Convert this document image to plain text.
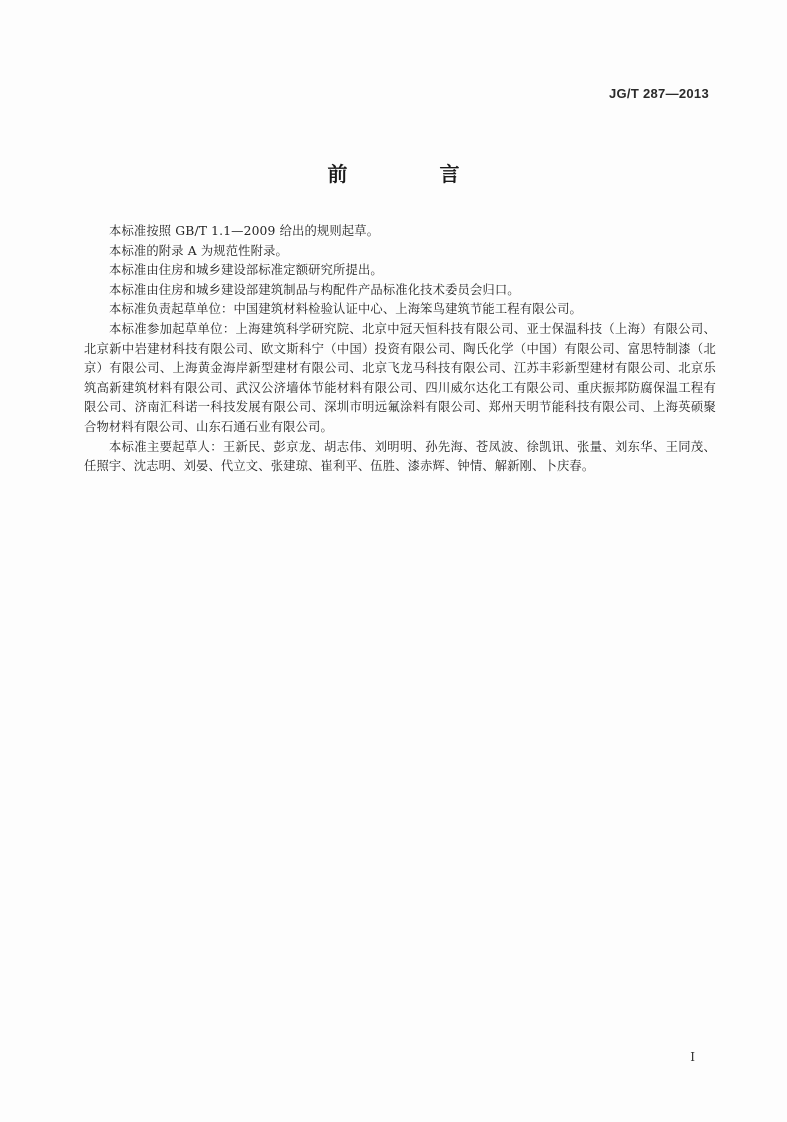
JG/T 287—2013
前　言

本标准按照 GB/T 1.1—2009 给出的规则起草。

本标准的附录 A 为规范性附录。

本标准由住房和城乡建设部标准定额研究所提出。

本标准由住房和城乡建设部建筑制品与构配件产品标准化技术委员会归口。

本标准负责起草单位：中国建筑材料检验认证中心、上海笨鸟建筑节能工程有限公司。

本标准参加起草单位：上海建筑科学研究院、北京中冠天恒科技有限公司、亚士保温科技（上海）有限公司、北京新中岩建材科技有限公司、欧文斯科宁（中国）投资有限公司、陶氏化学（中国）有限公司、富思特制漆（北京）有限公司、上海黄金海岸新型建材有限公司、北京飞龙马科技有限公司、江苏丰彩新型建材有限公司、北京乐筑高新建筑材料有限公司、武汉公济墙体节能材料有限公司、四川威尔达化工有限公司、重庆振邦防腐保温工程有限公司、济南汇科诺一科技发展有限公司、深圳市明远氟涂料有限公司、郑州天明节能科技有限公司、上海英硕聚合物材料有限公司、山东石通石业有限公司。

本标准主要起草人：王新民、彭京龙、胡志伟、刘明明、孙先海、苍凤波、徐凯讯、张量、刘东华、王同茂、任照宇、沈志明、刘晏、代立文、张建琼、崔利平、伍胜、漆赤辉、钟情、解新刚、卜庆春。

I
